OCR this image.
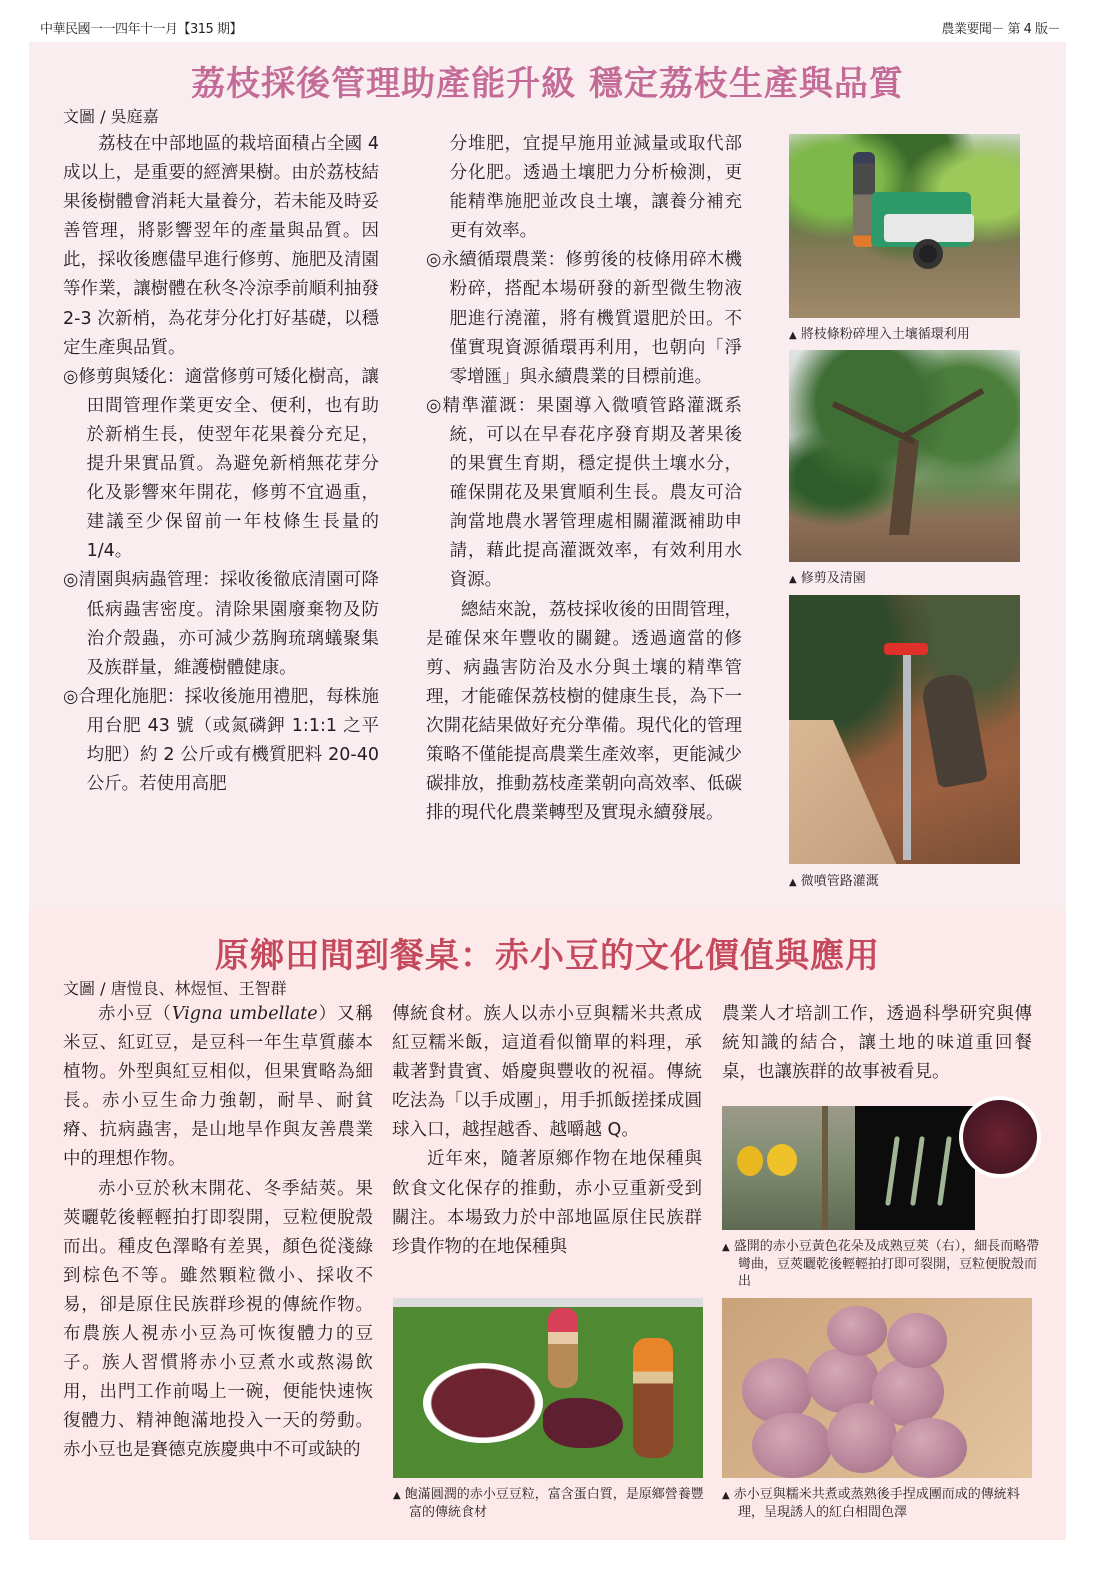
中華民國一一四年十一月【315 期】	農業要聞－ 第 4 版－
荔枝採後管理助產能升級 穩定荔枝生產與品質
文圖 / 吳庭嘉

荔枝在中部地區的栽培面積占全國 4 成以上，是重要的經濟果樹。由於荔枝結果後樹體會消耗大量養分，若未能及時妥善管理，將影響翌年的產量與品質。因此，採收後應儘早進行修剪、施肥及清園等作業，讓樹體在秋冬冷涼季前順利抽發 2-3 次新梢，為花芽分化打好基礎，以穩定生產與品質。

◎修剪與矮化：適當修剪可矮化樹高，讓田間管理作業更安全、便利，也有助於新梢生長，使翌年花果養分充足，提升果實品質。為避免新梢無花芽分化及影響來年開花，修剪不宜過重，建議至少保留前一年枝條生長量的 1/4。

◎清園與病蟲管理：採收後徹底清園可降低病蟲害密度。清除果園廢棄物及防治介殼蟲，亦可減少荔胸琉璃蟻聚集及族群量，維護樹體健康。

◎合理化施肥：採收後施用禮肥，每株施用台肥 43 號（或氮磷鉀 1:1:1 之平均肥）約 2 公斤或有機質肥料 20-40 公斤。若使用高肥

分堆肥，宜提早施用並減量或取代部分化肥。透過土壤肥力分析檢測，更能精準施肥並改良土壤，讓養分補充更有效率。

◎永續循環農業：修剪後的枝條用碎木機粉碎，搭配本場研發的新型微生物液肥進行澆灌，將有機質還肥於田。不僅實現資源循環再利用，也朝向「淨零增匯」與永續農業的目標前進。

◎精準灌溉：果園導入微噴管路灌溉系統，可以在早春花序發育期及著果後的果實生育期，穩定提供土壤水分，確保開花及果實順利生長。農友可洽詢當地農水署管理處相關灌溉補助申請，藉此提高灌溉效率，有效利用水資源。

總結來說，荔枝採收後的田間管理，是確保來年豐收的關鍵。透過適當的修剪、病蟲害防治及水分與土壤的精準管理，才能確保荔枝樹的健康生長，為下一次開花結果做好充分準備。現代化的管理策略不僅能提高農業生產效率，更能減少碳排放，推動荔枝產業朝向高效率、低碳排的現代化農業轉型及實現永續發展。

▲ 將枝條粉碎埋入土壤循環利用
▲ 修剪及清園
▲ 微噴管路灌溉
原鄉田間到餐桌：赤小豆的文化價值與應用
文圖 / 唐愷良、林煜恒、王智群

赤小豆（Vigna umbellate）又稱米豆、紅豇豆，是豆科一年生草質藤本植物。外型與紅豆相似，但果實略為細長。赤小豆生命力強韌，耐旱、耐貧瘠、抗病蟲害，是山地旱作與友善農業中的理想作物。

赤小豆於秋末開花、冬季結莢。果莢曬乾後輕輕拍打即裂開，豆粒便脫殼而出。種皮色澤略有差異，顏色從淺綠到棕色不等。雖然顆粒微小、採收不易，卻是原住民族群珍視的傳統作物。布農族人視赤小豆為可恢復體力的豆子。族人習慣將赤小豆煮水或熬湯飲用，出門工作前喝上一碗，便能快速恢復體力、精神飽滿地投入一天的勞動。赤小豆也是賽德克族慶典中不可或缺的

傳統食材。族人以赤小豆與糯米共煮成紅豆糯米飯，這道看似簡單的料理，承載著對貴賓、婚慶與豐收的祝福。傳統吃法為「以手成團」，用手抓飯搓揉成圓球入口，越捏越香、越嚼越 Q。

近年來，隨著原鄉作物在地保種與飲食文化保存的推動，赤小豆重新受到關注。本場致力於中部地區原住民族群珍貴作物的在地保種與

農業人才培訓工作，透過科學研究與傳統知識的結合，讓土地的味道重回餐桌，也讓族群的故事被看見。

▲ 盛開的赤小豆黃色花朵及成熟豆莢（右），細長而略帶彎曲，豆莢曬乾後輕輕拍打即可裂開，豆粒便脫殼而出
▲ 飽滿圓潤的赤小豆豆粒，富含蛋白質，是原鄉營養豐富的傳統食材
▲ 赤小豆與糯米共煮或蒸熟後手捏成團而成的傳統料理，呈現誘人的紅白相間色澤
